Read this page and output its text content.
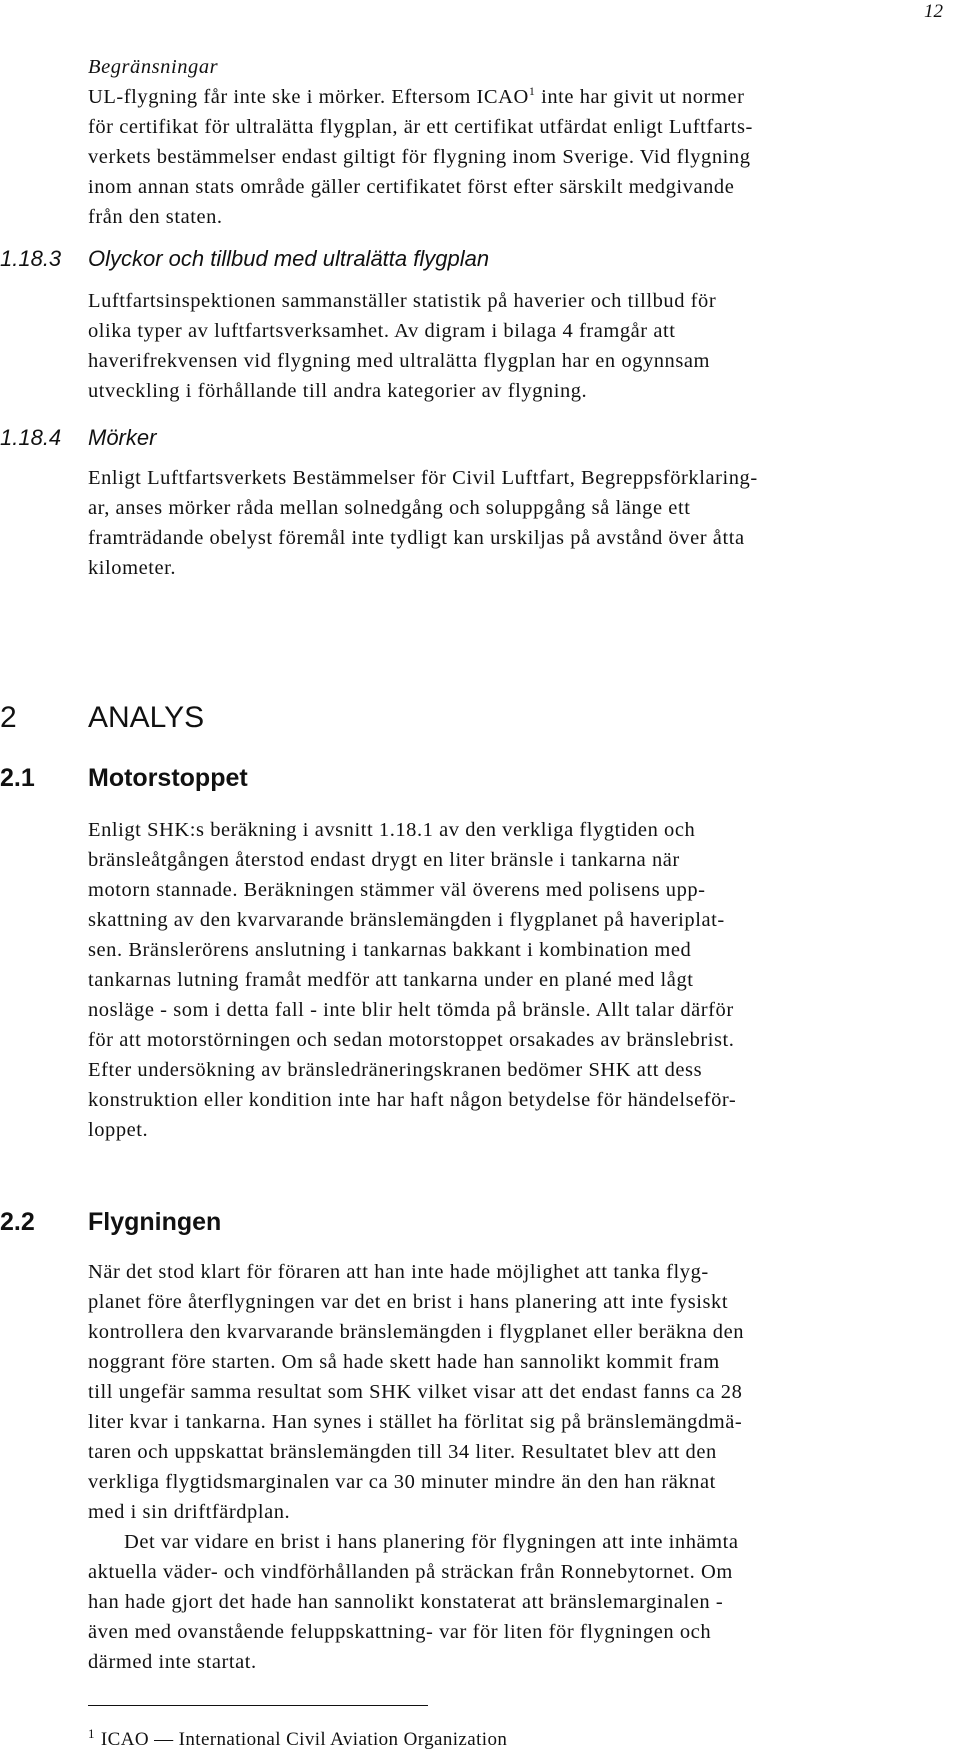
12
Begränsningar
UL-flygning får inte ske i mörker. Eftersom ICAO$^1$ inte har givit ut normer
för certifikat för ultralätta flygplan, är ett certifikat utfärdat enligt Luftfarts-
verkets bestämmelser endast giltigt för flygning inom Sverige. Vid flygning
inom annan stats område gäller certifikatet först efter särskilt medgivande
från den staten.
1.18.3 Olyckor och tillbud med ultralätta flygplan
Luftfartsinspektionen sammanställer statistik på haverier och tillbud för
olika typer av luftfartsverksamhet. Av digram i bilaga 4 framgår att
haverifrekvensen vid flygning med ultralätta flygplan har en ogynnsam
utveckling i förhållande till andra kategorier av flygning.
1.18.4 Mörker
Enligt Luftfartsverkets Bestämmelser för Civil Luftfart, Begreppsförklaring-
ar, anses mörker råda mellan solnedgång och soluppgång så länge ett
framträdande obelyst föremål inte tydligt kan urskiljas på avstånd över åtta
kilometer.
2 ANALYS
2.1 Motorstoppet
Enligt SHK:s beräkning i avsnitt 1.18.1 av den verkliga flygtiden och
bränsleåtgången återstod endast drygt en liter bränsle i tankarna när
motorn stannade. Beräkningen stämmer väl överens med polisens upp-
skattning av den kvarvarande bränslemängden i flygplanet på haveriplat-
sen. Bränslerörens anslutning i tankarnas bakkant i kombination med
tankarnas lutning framåt medför att tankarna under en plané med lågt
nosläge - som i detta fall - inte blir helt tömda på bränsle. Allt talar därför
för att motorstörningen och sedan motorstoppet orsakades av bränslebrist.
Efter undersökning av bränsledräneringskranen bedömer SHK att dess
konstruktion eller kondition inte har haft någon betydelse för händelseför-
loppet.
2.2 Flygningen
När det stod klart för föraren att han inte hade möjlighet att tanka flyg-
planet före återflygningen var det en brist i hans planering att inte fysiskt
kontrollera den kvarvarande bränslemängden i flygplanet eller beräkna den
noggrant före starten. Om så hade skett hade han sannolikt kommit fram
till ungefär samma resultat som SHK vilket visar att det endast fanns ca 28
liter kvar i tankarna. Han synes i stället ha förlitat sig på bränslemängdmä-
taren och uppskattat bränslemängden till 34 liter. Resultatet blev att den
verkliga flygtidsmarginalen var ca 30 minuter mindre än den han räknat
med i sin driftfärdplan.
Det var vidare en brist i hans planering för flygningen att inte inhämta
aktuella väder- och vindförhållanden på sträckan från Ronnebytornet. Om
han hade gjort det hade han sannolikt konstaterat att bränslemarginalen -
även med ovanstående feluppskattning- var för liten för flygningen och
därmed inte startat.
$^1$ ICAO — International Civil Aviation Organization
